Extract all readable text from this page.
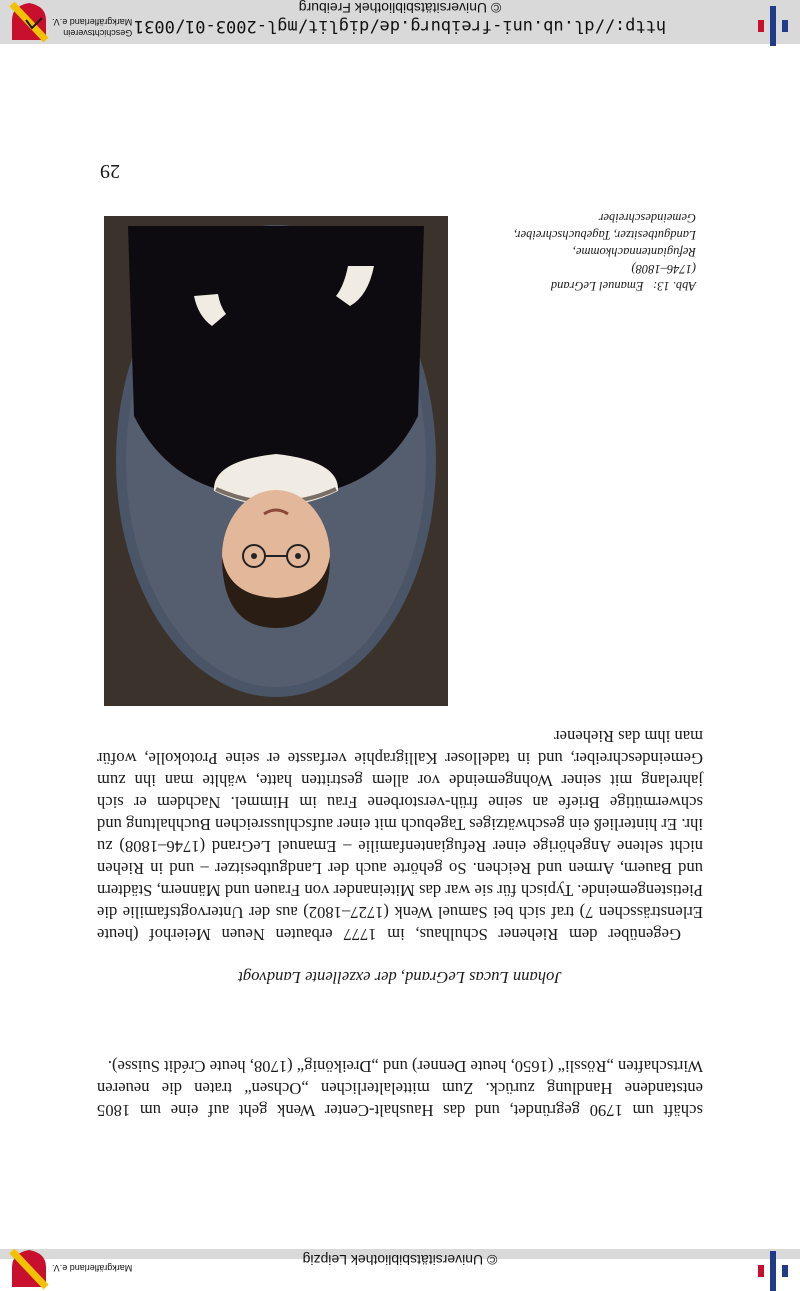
© Universitätsbibliothek Leipzig
Markgräflerland e.V.

schäft um 1790 gegründet, und das Haushalt-Center Wenk geht auf eine um 1805 entstandene Handlung zurück. Zum mittelalterlichen „Ochsen“ traten die neueren Wirtschaften „Rössli“ (1650, heute Denner) und „Dreikönig“ (1708, heute Crédit Suisse).

Johann Lucas LeGrand, der exzellente Landvogt

Gegenüber dem Riehener Schulhaus, im 1777 erbauten Neuen Meierhof (heute Erlensträsschen 7) traf sich bei Samuel Wenk (1727–1802) aus der Untervogtsfamilie die Pietistengemeinde. Typisch für sie war das Miteinander von Frauen und Männern, Städtern und Bauern, Armen und Reichen. So gehörte auch der Landgutbesitzer – und in Riehen nicht seltene Angehörige einer Refugiantenfamilie – Emanuel LeGrand (1746–1808) zu ihr. Er hinterließ ein geschwätziges Tagebuch mit einer aufschlussreichen Buchhaltung und schwermütige Briefe an seine früh-verstorbene Frau im Himmel. Nachdem er sich jahrelang mit seiner Wohngemeinde vor allem gestritten hatte, wählte man ihn zum Gemeindeschreiber, und in tadelloser Kalligraphie verfasste er seine Protokolle, wofür man ihm das Riehener

Abb. 13:   Emanuel LeGrand
(1746–1808)
Refugiantennachkomme,
Landgutbesitzer, Tagebuchschreiber,
Gemeindeschreiber
29
http://dl.ub.uni-freiburg.de/diglit/mgl-2003-01/0031
© Universitätsbibliothek Freiburg
Geschichtsverein
Markgräflerland e.V.
